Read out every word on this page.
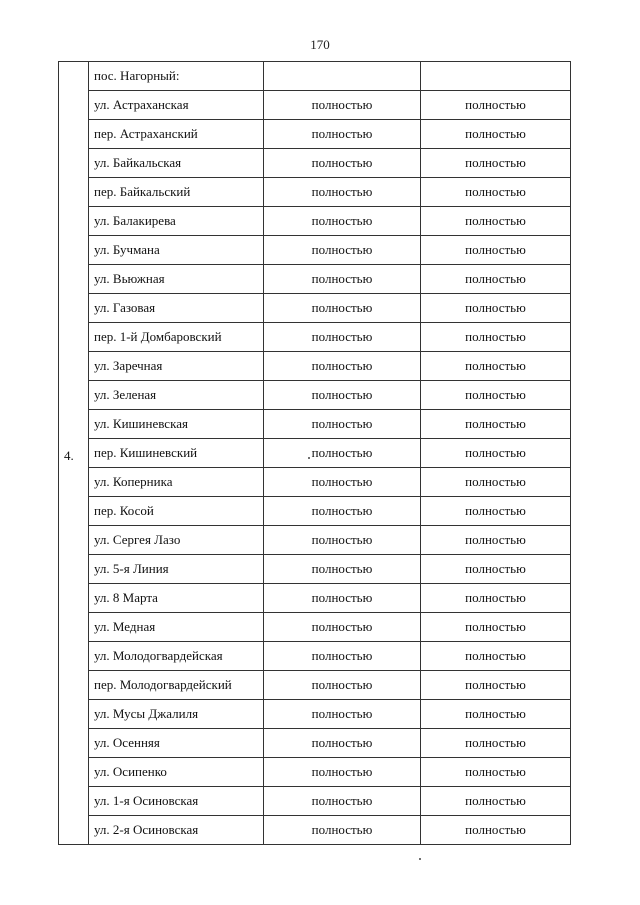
170
4.	пос. Нагорный:		
	ул. Астраханская	полностью	полностью
	пер. Астраханский	полностью	полностью
	ул. Байкальская	полностью	полностью
	пер. Байкальский	полностью	полностью
	ул. Балакирева	полностью	полностью
	ул. Бучмана	полностью	полностью
	ул. Вьюжная	полностью	полностью
	ул. Газовая	полностью	полностью
	пер. 1-й Домбаровский	полностью	полностью
	ул. Заречная	полностью	полностью
	ул. Зеленая	полностью	полностью
	ул. Кишиневская	полностью	полностью
	пер. Кишиневский	полностью	полностью
	ул. Коперника	полностью	полностью
	пер. Косой	полностью	полностью
	ул. Сергея Лазо	полностью	полностью
	ул. 5-я Линия	полностью	полностью
	ул. 8 Марта	полностью	полностью
	ул. Медная	полностью	полностью
	ул. Молодогвардейская	полностью	полностью
	пер. Молодогвардейский	полностью	полностью
	ул. Мусы Джалиля	полностью	полностью
	ул. Осенняя	полностью	полностью
	ул. Осипенко	полностью	полностью
	ул. 1-я Осиновская	полностью	полностью
	ул. 2-я Осиновская	полностью	полностью
